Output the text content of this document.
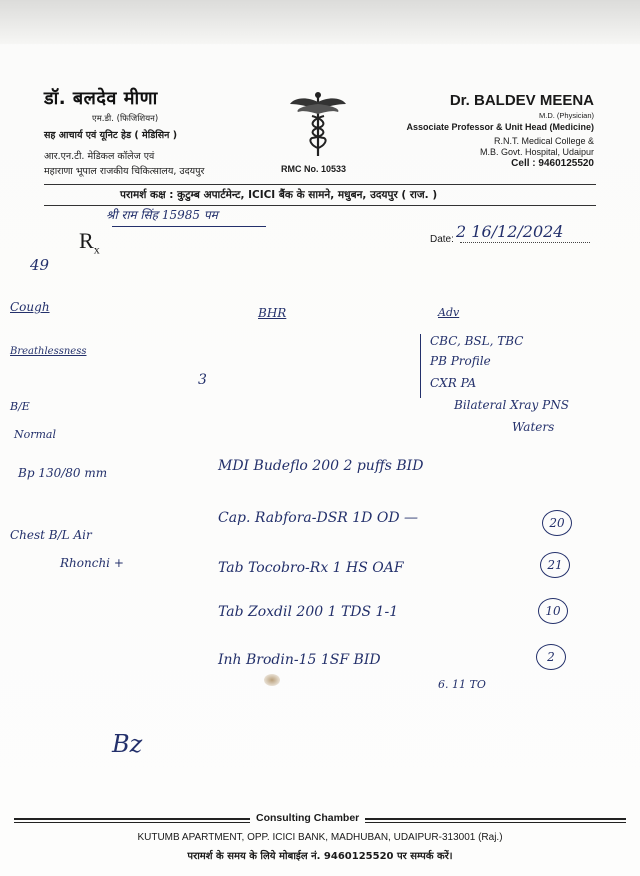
डॉ. बलदेव मीणा
एम.डी. (फिजिशियन)
सह आचार्य एवं यूनिट हेड ( मेडिसिन )
आर.एन.टी. मेडिकल कॉलेज एवं
महाराणा भूपाल राजकीय चिकित्सालय, उदयपुर	RMC No. 10533
Dr. BALDEV MEENA
M.D. (Physician)
Associate Professor & Unit Head (Medicine)
R.N.T. Medical College &
M.B. Govt. Hospital, Udaipur
Cell : 9460125520
परामर्श कक्ष : कुटुम्ब अपार्टमेन्ट, ICICI बैंक के सामने, मधुबन, उदयपुर ( राज. )
$R_x$
Date:
श्री राम सिंह 15985 पम
2 16/12/2024
49
Cough
Breathlessness
BHR
3
B/E
Normal
Bp 130/80 mm
Chest B/L Air
Rhonchi +
Adv
CBC, BSL, TBC
PB Profile
CXR PA
Bilateral Xray PNS
Waters
MDI Budeflo 200 2 puffs BID
Cap. Rabfora-DSR 1D OD —
Tab Tocobro-Rx 1 HS OAF
Tab Zoxdil 200 1 TDS 1-1
Inh Brodin-15 1SF BID
6. 11 TO
20
21
10
2
Bz
Consulting Chamber
KUTUMB APARTMENT, OPP. ICICI BANK, MADHUBAN, UDAIPUR-313001 (Raj.)
परामर्श के समय के लिये मोबाईल नं. 9460125520 पर सम्पर्क करें।
